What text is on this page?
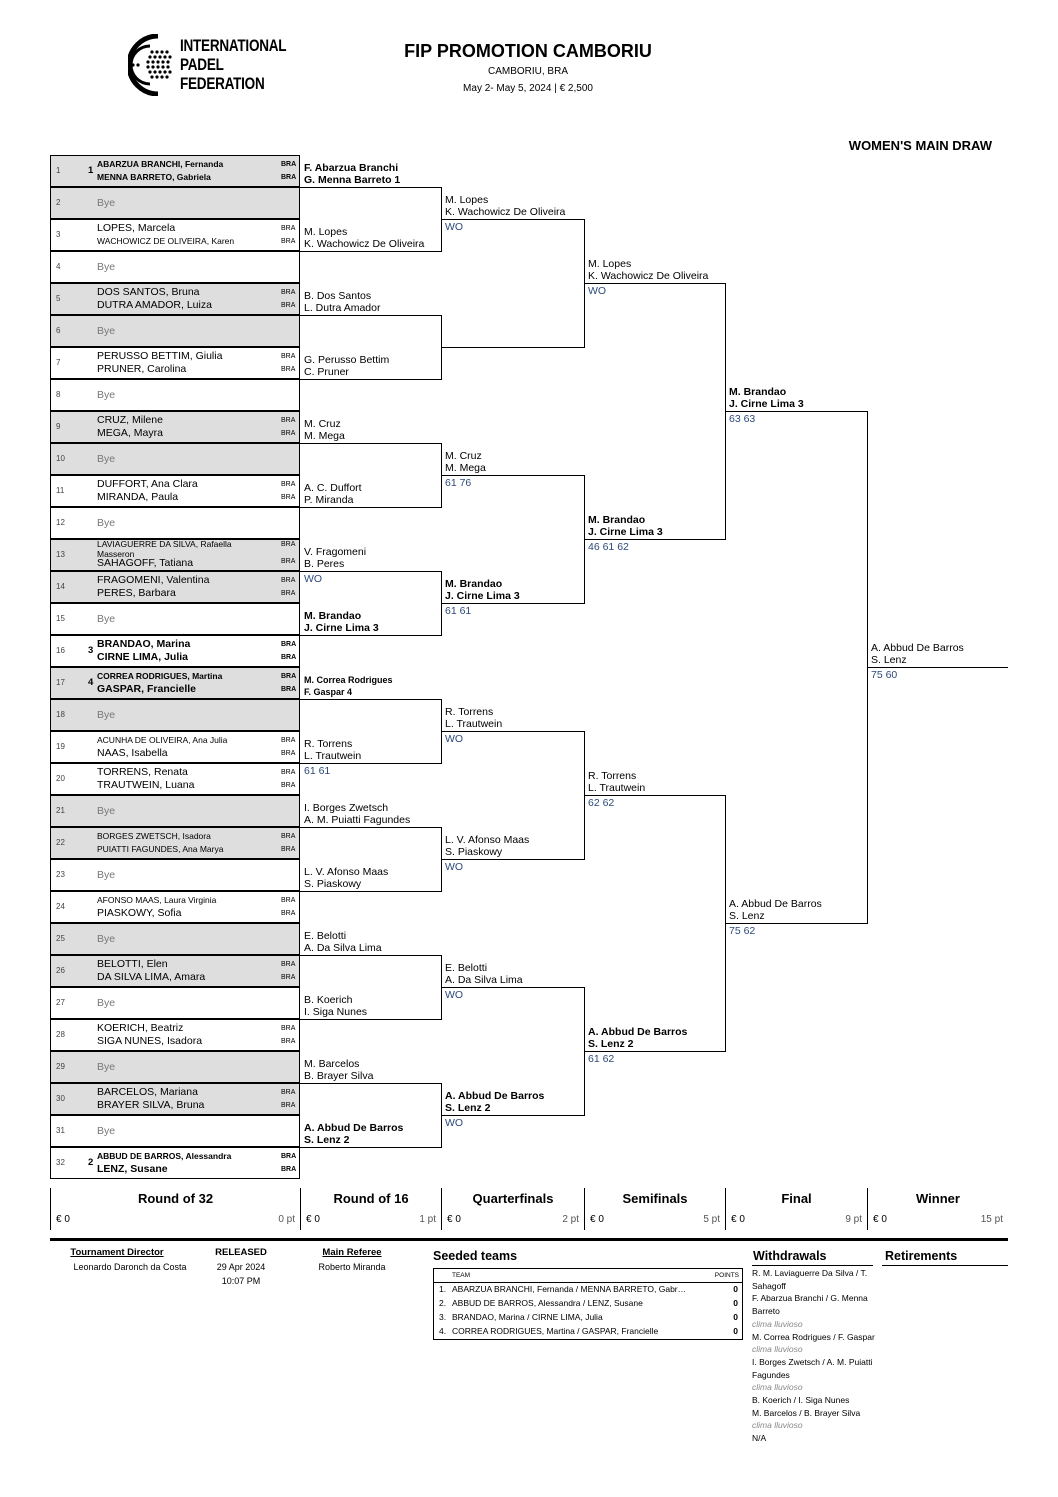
INTERNATIONAL
PADEL
FEDERATION
FIP PROMOTION CAMBORIU
CAMBORIU, BRA
May 2- May 5, 2024 | € 2,500
WOMEN'S MAIN DRAW
1	1
ABARZUA BRANCHI, Fernanda	BRA
MENNA BARRETO, Gabriela	BRA
2	Bye
3
LOPES, Marcela	BRA
WACHOWICZ DE OLIVEIRA, Karen	BRA
4	Bye
5
DOS SANTOS, Bruna	BRA
DUTRA AMADOR, Luiza	BRA
6	Bye
7
PERUSSO BETTIM, Giulia	BRA
PRUNER, Carolina	BRA
8	Bye
9
CRUZ, Milene	BRA
MEGA, Mayra	BRA
10	Bye
11
DUFFORT, Ana Clara	BRA
MIRANDA, Paula	BRA
12	Bye
13
LAVIAGUERRE DA SILVA, Rafaella	BRA
Masseron
SAHAGOFF, Tatiana	BRA
14
FRAGOMENI, Valentina	BRA
PERES, Barbara	BRA
15	Bye
16 3
BRANDAO, Marina	BRA
CIRNE LIMA, Julia	BRA
17 4
CORREA RODRIGUES, Martina	BRA
GASPAR, Francielle	BRA
18	Bye
19
ACUNHA DE OLIVEIRA, Ana Julia	BRA
NAAS, Isabella	BRA
20
TORRENS, Renata	BRA
TRAUTWEIN, Luana	BRA
21	Bye
22
BORGES ZWETSCH, Isadora	BRA
PUIATTI FAGUNDES, Ana Marya	BRA
23	Bye
24
AFONSO MAAS, Laura Virginia	BRA
PIASKOWY, Sofia	BRA
25	Bye
26
BELOTTI, Elen	BRA
DA SILVA LIMA, Amara	BRA
27	Bye
28
KOERICH, Beatriz	BRA
SIGA NUNES, Isadora	BRA
29	Bye
30
BARCELOS, Mariana	BRA
BRAYER SILVA, Bruna	BRA
31	Bye
32 2
ABBUD DE BARROS, Alessandra	BRA
LENZ, Susane	BRA
F. Abarzua Branchi
G. Menna Barreto 1
M. Lopes
K. Wachowicz De Oliveira
B. Dos Santos
L. Dutra Amador
G. Perusso Bettim
C. Pruner
M. Cruz
M. Mega
A. C. Duffort
P. Miranda
V. Fragomeni
B. Peres
WO
M. Brandao
J. Cirne Lima 3
M. Correa Rodrigues
F. Gaspar 4
R. Torrens
L. Trautwein
61 61
I. Borges Zwetsch
A. M. Puiatti Fagundes
L. V. Afonso Maas
S. Piaskowy
E. Belotti
A. Da Silva Lima
B. Koerich
I. Siga Nunes
M. Barcelos
B. Brayer Silva
A. Abbud De Barros
S. Lenz 2
M. Lopes
K. Wachowicz De Oliveira
WO
M. Cruz
M. Mega
61 76
M. Brandao
J. Cirne Lima 3
61 61
R. Torrens
L. Trautwein
WO
L. V. Afonso Maas
S. Piaskowy
WO
E. Belotti
A. Da Silva Lima
WO
A. Abbud De Barros
S. Lenz 2
WO
M. Lopes
K. Wachowicz De Oliveira
WO
M. Brandao
J. Cirne Lima 3
46 61 62
R. Torrens
L. Trautwein
62 62
A. Abbud De Barros
S. Lenz 2
61 62
M. Brandao
J. Cirne Lima 3
63 63
A. Abbud De Barros
S. Lenz
75 62
A. Abbud De Barros
S. Lenz
75 60
Round of 32
€ 0	0 pt
Round of 16
€ 0	1 pt
Quarterfinals
€ 0	2 pt
Semifinals
€ 0	5 pt
Final
€ 0	9 pt
Winner
€ 0	15 pt
Tournament Director
Leonardo Daronch da Costa
RELEASED
29 Apr 2024
10:07 PM
Main Referee
Roberto Miranda
Seeded teams
TEAM	POINTS
1. ABARZUA BRANCHI, Fernanda / MENNA BARRETO, Gabr…	0
2. ABBUD DE BARROS, Alessandra / LENZ, Susane	0
3. BRANDAO, Marina / CIRNE LIMA, Julia	0
4. CORREA RODRIGUES, Martina / GASPAR, Francielle	0
Withdrawals
R. M. Laviaguerre Da Silva / T. Sahagoff
F. Abarzua Branchi / G. Menna Barreto
clima lluvioso
M. Correa Rodrigues / F. Gaspar
clima lluvioso
I. Borges Zwetsch / A. M. Puiatti Fagundes
clima lluvioso
B. Koerich / I. Siga Nunes
M. Barcelos / B. Brayer Silva
clima lluvioso
N/A
Retirements
